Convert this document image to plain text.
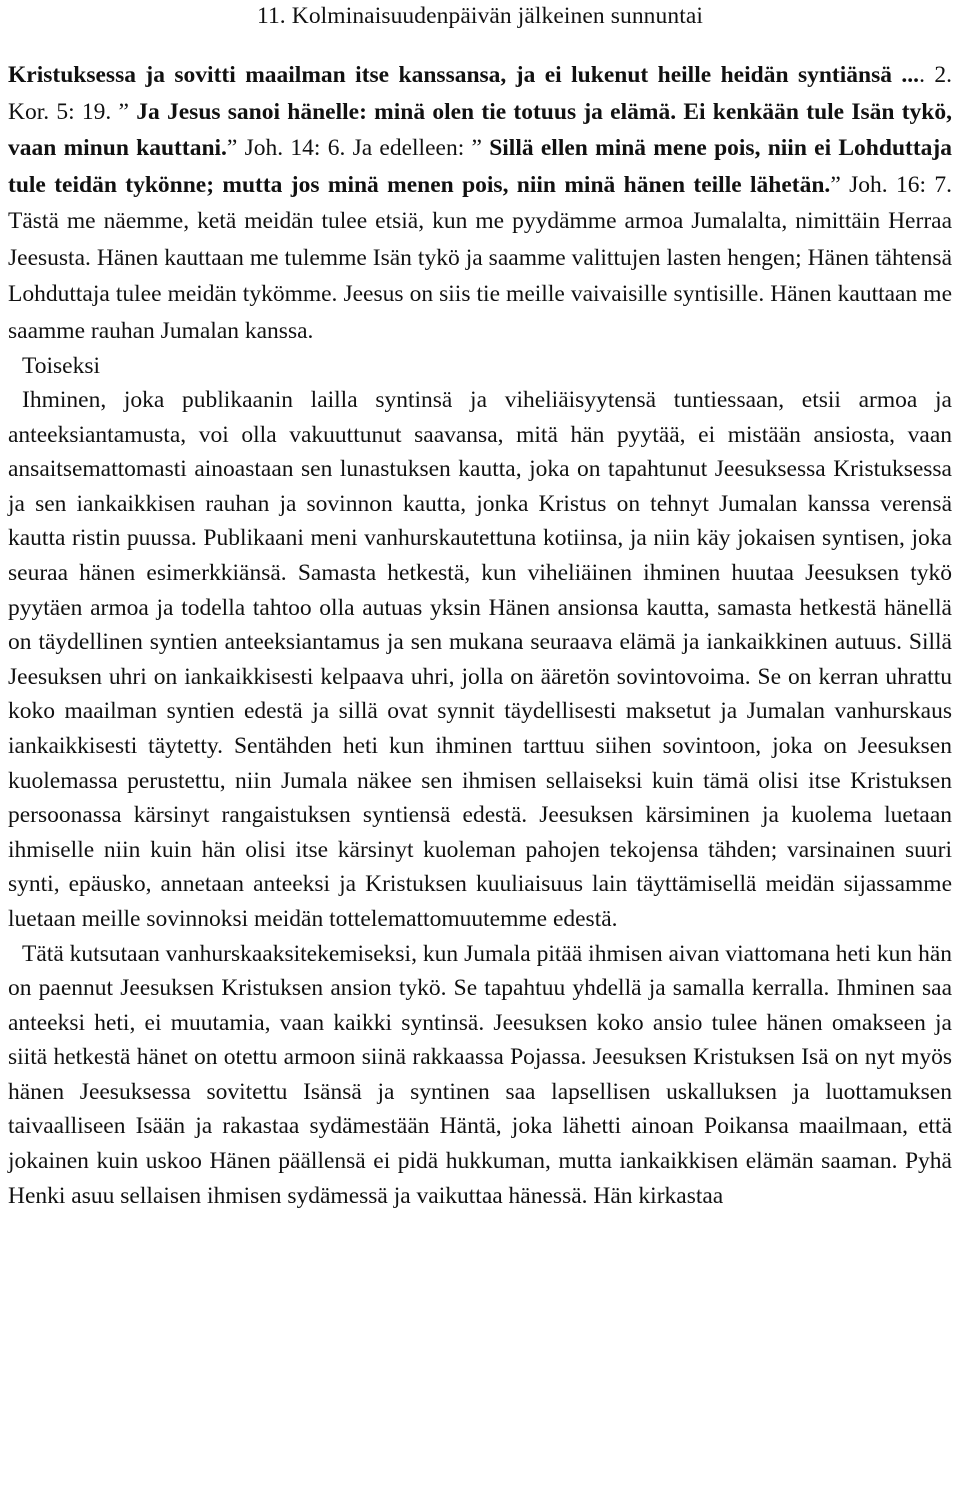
11. Kolminaisuudenpäivän jälkeinen sunnuntai

Kristuksessa ja sovitti maailman itse kanssansa, ja ei lukenut heille heidän syntiänsä .... 2. Kor. 5: 19. ” Ja Jesus sanoi hänelle: minä olen tie totuus ja elämä. Ei kenkään tule Isän tykö, vaan minun kauttani.” Joh. 14: 6. Ja edelleen: ” Sillä ellen minä mene pois, niin ei Lohduttaja tule teidän tykönne; mutta jos minä menen pois, niin minä hänen teille lähetän.” Joh. 16: 7. Tästä me näemme, ketä meidän tulee etsiä, kun me pyydämme armoa Jumalalta, nimittäin Herraa Jeesusta. Hänen kauttaan me tulemme Isän tykö ja saamme valittujen lasten hengen; Hänen tähtensä Lohduttaja tulee meidän tykömme. Jeesus on siis tie meille vaivaisille syntisille. Hänen kauttaan me saamme rauhan Jumalan kanssa.

Toiseksi

Ihminen, joka publikaanin lailla syntinsä ja viheliäisyytensä tuntiessaan, etsii armoa ja anteeksiantamusta, voi olla vakuuttunut saavansa, mitä hän pyytää, ei mistään ansiosta, vaan ansaitsemattomasti ainoastaan sen lunastuksen kautta, joka on tapahtunut Jeesuksessa Kristuksessa ja sen iankaikkisen rauhan ja sovinnon kautta, jonka Kristus on tehnyt Jumalan kanssa verensä kautta ristin puussa. Publikaani meni vanhurskautettuna kotiinsa, ja niin käy jokaisen syntisen, joka seuraa hänen esimerkkiänsä. Samasta hetkestä, kun viheliäinen ihminen huutaa Jeesuksen tykö pyytäen armoa ja todella tahtoo olla autuas yksin Hänen ansionsa kautta, samasta hetkestä hänellä on täydellinen syntien anteeksiantamus ja sen mukana seuraava elämä ja iankaikkinen autuus. Sillä Jeesuksen uhri on iankaikkisesti kelpaava uhri, jolla on ääretön sovintovoima. Se on kerran uhrattu koko maailman syntien edestä ja sillä ovat synnit täydellisesti maksetut ja Jumalan vanhurskaus iankaikkisesti täytetty. Sentähden heti kun ihminen tarttuu siihen sovintoon, joka on Jeesuksen kuolemassa perustettu, niin Jumala näkee sen ihmisen sellaiseksi kuin tämä olisi itse Kristuksen persoonassa kärsinyt rangaistuksen syntiensä edestä. Jeesuksen kärsiminen ja kuolema luetaan ihmiselle niin kuin hän olisi itse kärsinyt kuoleman pahojen tekojensa tähden; varsinainen suuri synti, epäusko, annetaan anteeksi ja Kristuksen kuuliaisuus lain täyttämisellä meidän sijassamme luetaan meille sovinnoksi meidän tottelemattomuutemme edestä.

Tätä kutsutaan vanhurskaaksitekemiseksi, kun Jumala pitää ihmisen aivan viattomana heti kun hän on paennut Jeesuksen Kristuksen ansion tykö. Se tapahtuu yhdellä ja samalla kerralla. Ihminen saa anteeksi heti, ei muutamia, vaan kaikki syntinsä. Jeesuksen koko ansio tulee hänen omakseen ja siitä hetkestä hänet on otettu armoon siinä rakkaassa Pojassa. Jeesuksen Kristuksen Isä on nyt myös hänen Jeesuksessa sovitettu Isänsä ja syntinen saa lapsellisen uskalluksen ja luottamuksen taivaalliseen Isään ja rakastaa sydämestään Häntä, joka lähetti ainoan Poikansa maailmaan, että jokainen kuin uskoo Hänen päällensä ei pidä hukkuman, mutta iankaikkisen elämän saaman. Pyhä Henki asuu sellaisen ihmisen sydämessä ja vaikuttaa hänessä. Hän kirkastaa
